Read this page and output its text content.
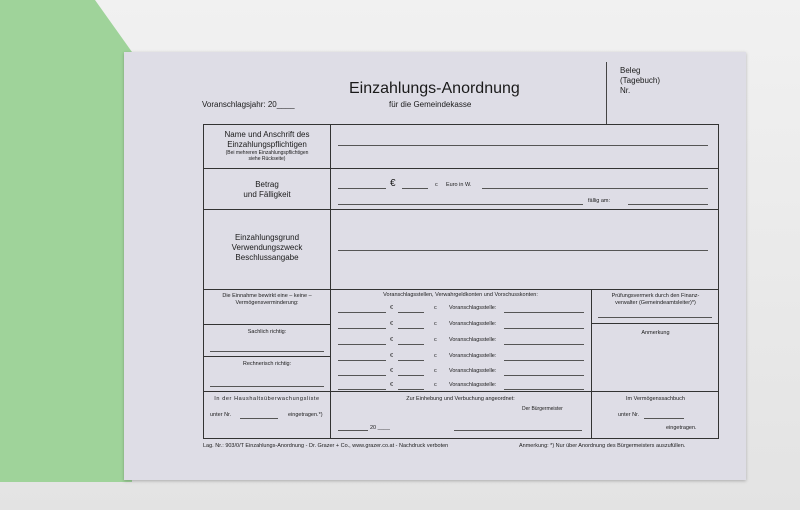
Einzahlungs-Anordnung
für die Gemeindekasse
Voranschlagsjahr: 20____
Beleg
(Tagebuch)
Nr.
Name und Anschrift des
Einzahlungspflichtigen
(Bei mehreren Einzahlungspflichtigen
siehe Rückseite)
Betrag
und Fälligkeit
€	c Euro in W.
fällig am:
Einzahlungsgrund
Verwendungszweck
Beschlussangabe
Die Einnahme bewirkt eine – keine –
Vermögensverminderung:
Sachlich richtig:
Rechnerisch richtig:
Voranschlagsstellen, Verwahrgeldkonten und Vorschusskonten:
€	c Voranschlagsstelle:
€	c Voranschlagsstelle:
€	c Voranschlagsstelle:
€	c Voranschlagsstelle:
€	c Voranschlagsstelle:
€	c Voranschlagsstelle:
Prüfungsvermerk durch den Finanz-
verwalter (Gemeindeamtsleiter)*)
Anmerkung
In der Haushaltsüberwachungsliste
unter Nr.	eingetragen.*)
Zur Einhebung und Verbuchung angeordnet:
Der Bürgermeister
20 ____
Im Vermögenssachbuch
unter Nr.
eingetragen.
Lag. Nr.: 903/0/T Einzahlungs-Anordnung - Dr. Grazer + Co., www.grazer.co.at - Nachdruck verboten	Anmerkung: *) Nur über Anordnung des Bürgermeisters auszufüllen.
